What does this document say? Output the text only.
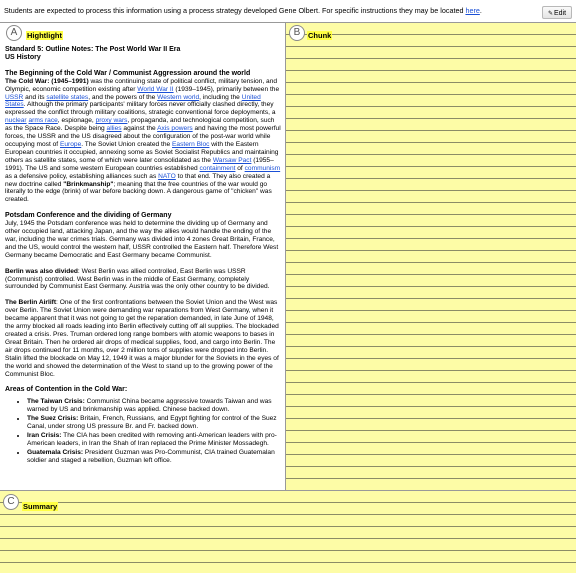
Students are expected to process this information using a process strategy developed Gene Olbert. For specific instructions they may be located here.	✎Edit
A	Hightlight	B	Chunk
C	Summary

Standard 5: Outline Notes: The Post World War II Era
US History

The Beginning of the Cold War / Communist Aggression around the world

The Cold War: (1945–1991) was the continuing state of political conflict, military tension, and Olympic, economic competition existing after World War II (1939–1945), primarily between the USSR and its satellite states, and the powers of the Western world, including the United States. Although the primary participants' military forces never officially clashed directly, they expressed the conflict through military coalitions, strategic conventional force deployments, a nuclear arms race, espionage, proxy wars, propaganda, and technological competition, such as the Space Race. Despite being allies against the Axis powers and having the most powerful forces, the USSR and the US disagreed about the configuration of the post-war world while occupying most of Europe. The Soviet Union created the Eastern Bloc with the Eastern European countries it occupied, annexing some as Soviet Socialist Republics and maintaining others as satellite states, some of which were later consolidated as the Warsaw Pact (1955–1991). The US and some western European countries established containment of communism as a defensive policy, establishing alliances such as NATO to that end. They also created a new doctrine called "Brinkmanship"; meaning that the free countries of the war would go literally to the edge (brink) of war before backing down. A dangerous game of "chicken" was created.

Potsdam Conference and the dividing of Germany

July, 1945 the Potsdam conference was held to determine the dividing up of Germany and other occupied land, attacking Japan, and the way the allies would handle the ending of the war, including the war crimes trials. Germany was divided into 4 zones Great Britain, France, and the US, would control the western half, USSR controlled the Eastern half. Therefore West Germany became Democratic and East Germany became Communist.

Berlin was also divided: West Berlin was allied controlled, East Berlin was USSR (Communist) controlled. West Berlin was in the middle of East Germany, completely surrounded by Communist East Germany. Austria was the only other country to be divided.

The Berlin Airlift: One of the first confrontations between the Soviet Union and the West was over Berlin. The Soviet Union were demanding war reparations from West Germany, when it became apparent that it was not going to get the reparation demanded, in late June of 1948, the army blocked all roads leading into Berlin effectively cutting off all supplies. The blockaded created a crisis. Pres. Truman ordered long range bombers with atomic weapons to bases in Great Britain. Then he ordered air drops of medical supplies, food, and cargo into Berlin. The air drops continued for 11 months, over 2 million tons of supplies were dropped into Berlin. Stalin lifted the blockade on May 12, 1949 it was a major blunder for the Soviets in the eyes of the world and showed the determination of the West to stand up to the growing power of the Communist Bloc.

Areas of Contention in the Cold War:
• The Taiwan Crisis: Communist China became aggressive towards Taiwan and was warned by US and brinkmanship was applied. Chinese backed down.
• The Suez Crisis: Britain, French, Russians, and Egypt fighting for control of the Suez Canal, under strong US pressure Br. and Fr. backed down.
• Iran Crisis: The CIA has been credited with removing anti-American leaders with pro- American leaders, in Iran the Shah of Iran replaced the Prime Minister Mossadegh.
• Guatemala Crisis: President Guzman was Pro-Communist, CIA trained Guatemalan soldier and staged a rebellion, Guzman left office.
